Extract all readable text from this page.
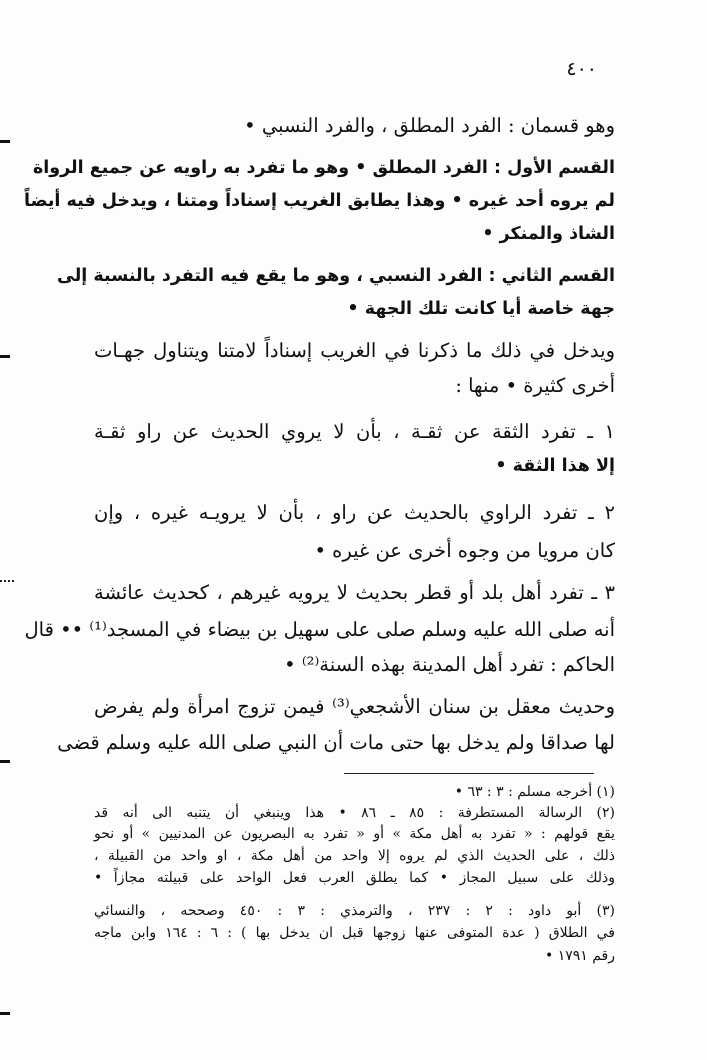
٤٠٠
وهو قسمان : الفرد المطلق ، والفرد النسبي •
القسم الأول : الفرد المطلق • وهو ما تفرد به راويه عن جميع الرواة
لم يروه أحد غيره • وهذا يطابق الغريب إسناداً ومتنا ، ويدخل فيه أيضاً
الشاذ والمنكر •
القسم الثاني : الفرد النسبي ، وهو ما يقع فيه التفرد بالنسبة إلى
جهة خاصة أيا كانت تلك الجهة •
ويدخل في ذلك ما ذكرنا في الغريب إسناداً لامتنا ويتناول جهـات
أخرى كثيرة • منها :
١ ـ تفرد الثقة عن ثقـة ، بأن لا يروي الحديث عن راو ثقـة
إلا هذا الثقة •
٢ ـ تفرد الراوي بالحديث عن راو ، بأن لا يرويـه غيره ، وإن
كان مرويا من وجوه أخرى عن غيره •
٣ ـ تفرد أهل بلد أو قطر بحديث لا يرويه غيرهم ، كحديث عائشة
أنه صلى الله عليه وسلم صلى على سهيل بن بيضاء في المسجد⁽¹⁾ •• قال
الحاكم : تفرد أهل المدينة بهذه السنة⁽²⁾ •
وحديث معقل بن سنان الأشجعي⁽³⁾ فيمن تزوج امرأة ولم يفرض
لها صداقا ولم يدخل بها حتى مات أن النبي صلى الله عليه وسلم قضى
(١) أخرجه مسلم : ٣ : ٦٣ •
(٢) الرسالة المستطرفة : ٨٥ ـ ٨٦ • هذا وينبغي أن يتنبه الى أنه قد
يقع قولهم : « تفرد به أهل مكة » أو « تفرد به البصريون عن المدنيين » أو نحو
ذلك ، على الحديث الذي لم يروه إلا واحد من أهل مكة ، او واحد من القبيلة ،
وذلك على سبيل المجاز • كما يطلق العرب فعل الواحد على قبيلته مجازاً •
(٣) أبو داود : ٢ : ٢٣٧ ، والترمذي : ٣ : ٤٥٠ وصححه ، والنسائي
في الطلاق ( عدة المتوفى عنها زوجها قبل ان يدخل بها ) : ٦ : ١٦٤ وابن ماجه
رقم ١٧٩١ •
